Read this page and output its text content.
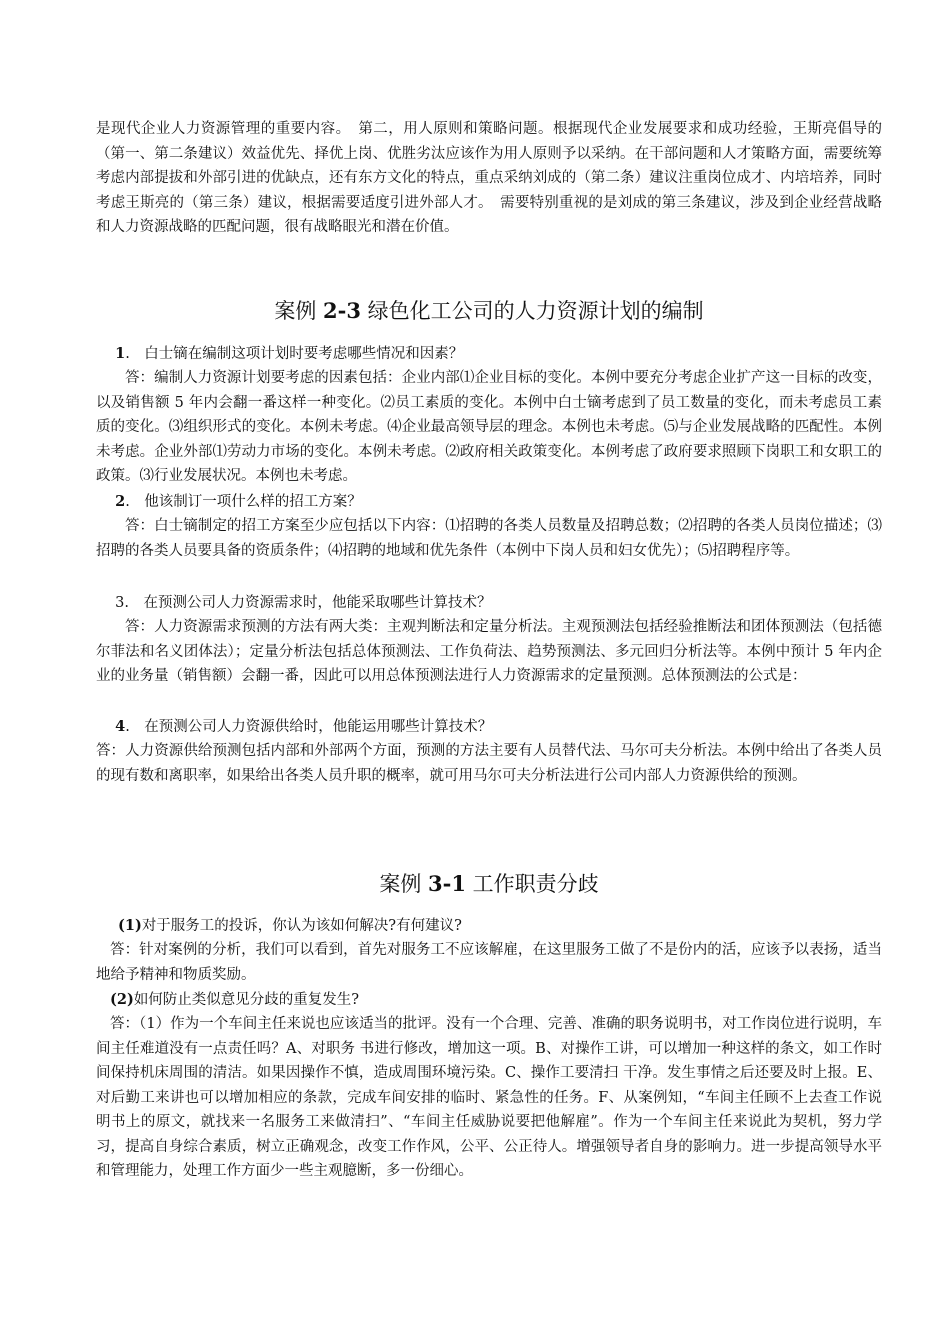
是现代企业人力资源管理的重要内容。　第二，用人原则和策略问题。根据现代企业发展要求和成功经验，王斯亮倡导的（第一、第二条建议）效益优先、择优上岗、优胜劣汰应该作为用人原则予以采纳。在干部问题和人才策略方面，需要统筹考虑内部提拔和外部引进的优缺点，还有东方文化的特点，重点采纳刘成的（第二条）建议注重岗位成才、内培培养，同时考虑王斯亮的（第三条）建议，根据需要适度引进外部人才。　需要特别重视的是刘成的第三条建议，涉及到企业经营战略和人力资源战略的匹配问题，很有战略眼光和潜在价值。

案例 2-3 绿色化工公司的人力资源计划的编制

　 1.　白士镝在编制这项计划时要考虑哪些情况和因素？

答：编制人力资源计划要考虑的因素包括：企业内部⑴企业目标的变化。本例中要充分考虑企业扩产这一目标的改变，以及销售额 5 年内会翻一番这样一种变化。⑵员工素质的变化。本例中白士镝考虑到了员工数量的变化，而未考虑员工素质的变化。⑶组织形式的变化。本例未考虑。⑷企业最高领导层的理念。本例也未考虑。⑸与企业发展战略的匹配性。本例未考虑。企业外部⑴劳动力市场的变化。本例未考虑。⑵政府相关政策变化。本例考虑了政府要求照顾下岗职工和女职工的政策。⑶行业发展状况。本例也未考虑。

　 2.　他该制订一项什么样的招工方案？

答：白士镝制定的招工方案至少应包括以下内容：⑴招聘的各类人员数量及招聘总数；⑵招聘的各类人员岗位描述；⑶招聘的各类人员要具备的资质条件；⑷招聘的地域和优先条件（本例中下岗人员和妇女优先）；⑸招聘程序等。

　 3.　在预测公司人力资源需求时，他能采取哪些计算技术？

答：人力资源需求预测的方法有两大类：主观判断法和定量分析法。主观预测法包括经验推断法和团体预测法（包括德尔菲法和名义团体法）；定量分析法包括总体预测法、工作负荷法、趋势预测法、多元回归分析法等。本例中预计 5 年内企业的业务量（销售额）会翻一番，因此可以用总体预测法进行人力资源需求的定量预测。总体预测法的公式是：

　 4.　在预测公司人力资源供给时，他能运用哪些计算技术？

答：人力资源供给预测包括内部和外部两个方面，预测的方法主要有人员替代法、马尔可夫分析法。本例中给出了各类人员的现有数和离职率，如果给出各类人员升职的概率，就可用马尔可夫分析法进行公司内部人力资源供给的预测。

案例 3-1 工作职责分歧

(1)对于服务工的投诉，你认为该如何解决?有何建议?

答：针对案例的分析，我们可以看到，首先对服务工不应该解雇，在这里服务工做了不是份内的活，应该予以表扬，适当地给予精神和物质奖励。

(2)如何防止类似意见分歧的重复发生?

答：（1）作为一个车间主任来说也应该适当的批评。没有一个合理、完善、准确的职务说明书，对工作岗位进行说明，车间主任难道没有一点责任吗？A、对职务 书进行修改，增加这一项。B、对操作工讲，可以增加一种这样的条文，如工作时间保持机床周围的清洁。如果因操作不慎，造成周围环境污染。C、操作工要清扫 干净。发生事情之后还要及时上报。E、对后勤工来讲也可以增加相应的条款，完成车间安排的临时、紧急性的任务。F、从案例知，“车间主任顾不上去查工作说 明书上的原文，就找来一名服务工来做清扫”、“车间主任威胁说要把他解雇”。作为一个车间主任来说此为契机，努力学习，提高自身综合素质，树立正确观念，改变工作作风，公平、公正待人。增强领导者自身的影响力。进一步提高领导水平 和管理能力，处理工作方面少一些主观臆断，多一份细心。
